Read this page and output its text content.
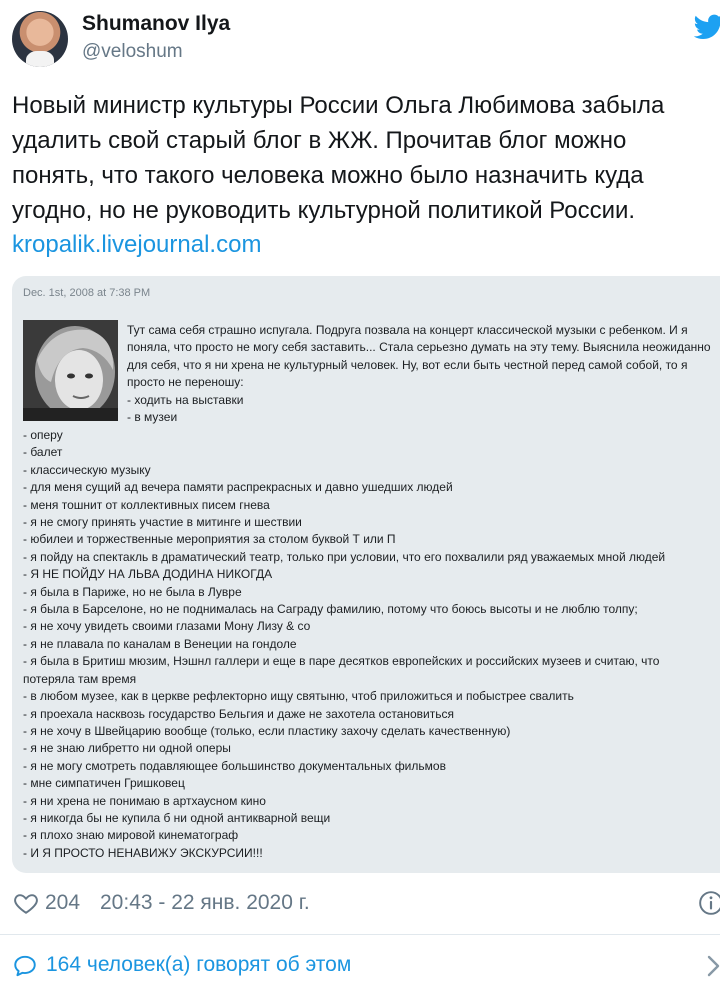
Shumanov Ilya
@veloshum
Новый министр культуры России Ольга Любимова забыла удалить свой старый блог в ЖЖ. Прочитав блог можно понять, что такого человека можно было назначить куда угодно, но не руководить культурной политикой России.
kropalik.livejournal.com
Dec. 1st, 2008 at 7:38 PM
Тут сама себя страшно испугала. Подруга позвала на концерт классической музыки с ребенком. И я поняла, что просто не могу себя заставить... Стала серьезно думать на эту тему. Выяснила неожиданно для себя, что я ни хрена не культурный человек. Ну, вот если быть честной перед самой собой, то я просто не переношу:
- ходить на выставки
- в музеи
- оперу
- балет
- классическую музыку
- для меня сущий ад вечера памяти распрекрасных и давно ушедших людей
- меня тошнит от коллективных писем гнева
- я не смогу принять участие в митинге и шествии
- юбилеи и торжественные мероприятия за столом буквой Т или П
- я пойду на спектакль в драматический театр, только при условии, что его похвалили ряд уважаемых мной людей
- Я НЕ ПОЙДУ НА ЛЬВА ДОДИНА НИКОГДА
- я была в Париже, но не была в Лувре
- я была в Барселоне, но не поднималась на Саграду фамилию, потому что боюсь высоты и не люблю толпу;
- я не хочу увидеть своими глазами Мону Лизу & со
- я не плавала по каналам в Венеции на гондоле
- я была в Бритиш мюзим, Нэшнл галлери и еще в паре десятков европейских и российских музеев и считаю, что
потеряла там время
- в любом музее, как в церкве рефлекторно ищу святыню, чтоб приложиться и побыстрее свалить
- я проехала насквозь государство Бельгия и даже не захотела остановиться
- я не хочу в Швейцарию вообще (только, если пластику захочу сделать качественную)
- я не знаю либретто ни одной оперы
- я не могу смотреть подавляющее большинство документальных фильмов
- мне симпатичен Гришковец
- я ни хрена не понимаю в артхаусном кино
- я никогда бы не купила б ни одной антикварной вещи
- я плохо знаю мировой кинематограф
- И Я ПРОСТО НЕНАВИЖУ ЭКСКУРСИИ!!!
204 20:43 - 22 янв. 2020 г.
164 человек(а) говорят об этом
